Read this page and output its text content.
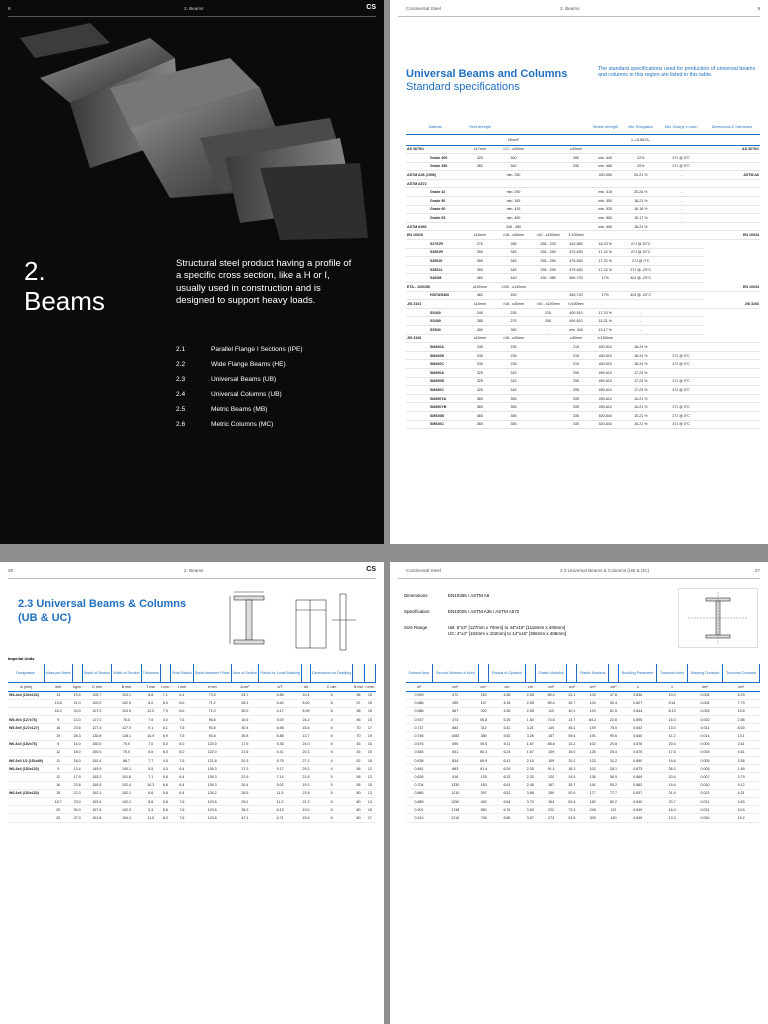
8	2. Beams	CS
2.
Beams
Structural steel product having a profile of a specific cross section, like a H or I, usually used in construction and is designed to support heavy loads.
2.1	Parallel Flange I Sections (IPE)
2.2	Wide Flange Beams (HE)
2.3	Universal Beams (UB)
2.4	Universal Columns (UB)
2.5	Metric Beams (MB)
2.6	Metric Columns (MC)
Continental Steel	2. Beams	9
Universal Beams and Columns
Standard specifications
The standard specifications used for production of universal beams and columns in this region are listed in this table.
Material	Yield strength				Tensile strength	Min. Elongation	Min. Charpy V-notch	Dimensions & Tolerances
		N/mm²				L₀=5.65√S₀		
AS 3679/1	≤17mm	>17 - ≤40mm		≥40mm				AS 3679/1
Grade 300	320	300		280	min. 440	22%	27J @ 0°C	
Grade 350	360	340		330	min. 480	20%	27J @ 0°C	
ASTM A36 (1996)		min. 250			400-550	20-21 %	-	ASTM A6
ASTM A572								
Grade 42		min. 290			min. 415	20-24 %	-	
Grade 50		min. 345			min. 450	18-21 %	-	
Grade 60		min. 415			min. 520	16-18 %	-	
Grade 65		min. 450			min. 550	15-17 %	-	
ASTM A992		345 - 450			min. 450	18-21 %		
EN 10025	≤16mm	>16 - ≤40mm	>40 - ≤150mm	3-100mm				EN 10034
S275JR	275	265	255 - 225	410-560	18-23 %	27J @ 20°C		
S355JR	355	345	335 - 295	470-630	17-22 %	27J @ 20°C		
S355J0	355	345	335 - 295	470-630	17-22 %	27J @ 0°C		
S355J2	355	345	335 - 295	470-630	17-22 %	27J @ -20°C		
S460M	460	440	430 - 385	500-720	17%	40J @ -20°C		
ETA - 10/0156	≤100mm	>100 - ≤140mm						EN 10034
HISTAR460	460	450		540-720	17%	40J @ -20°C		
JIS 3101	≤16mm	>16 - ≤40mm	>40 - ≤100mm	t>100mm				JIS 3192
SS400	245	235	215	400-510	17-23 %	-		
SS490	285	275	255	490-610	15-21 %	-		
SS540	400	390	-	min. 540	13-17 %	-		
JIS 3106	≤16mm	>16 - ≤40mm		≥40mm	t>100mm			
SM400A	245	235		215	400-510	18-24 %		
SM400B	245	235		215	400-510	18-24 %	27J @ 0°C	
SM400C	245	235		215	400-510	18-24 %	47J @ 0°C	
SM490A	325	315		295	490-610	17-23 %		
SM490B	325	315		295	490-610	17-23 %	27J @ 0°C	
SM490C	325	315		295	490-610	17-23 %	47J @ 0°C	
SM490YA	365	355		335	490-610	15-21 %		
SM490YB	365	355		335	490-610	15-21 %	27J @ 0°C	
SM520B	365	355		335	520-640	15-21 %	27J @ 0°C	
SM520C	365	355		335	520-640	15-21 %	47J @ 0°C	
26	2. Beams	CS
2.3 Universal Beams & Columns (UB & UC)
Imperial Units
Designation	Mass per Metre		Depth of Section	Width of Section	Thickness		Root Radius	Depth between Fillets	Area of Section	Ratios for Local Buckling		Dimensions for Detailing		
in (mm)	lb/ft	kg/m	D mm	B mm	T mm	t mm	r mm	d mm	A cm²	b/T	d/t	C mm	N mm	n mm
W4-4x4 (102x102)	13	19.4	105.7	103.1	8.8	7.1	6.4	73.5	24.7	5.86	10.4	6	56	15
	13.8	21.0	102.0	102.0	8.0	6.0	6.0	71.2	26.1	5.40	8.90	6	57	15
	16.3	24.0	107.0	103.0	12.0	7.9	6.0	71.0	30.9	4.17	8.99	6	58	15
W5-5x3 (127x76)	9	13.0	127.0	76.0	7.6	4.0	7.6	96.6	16.5	5.00	24.2	4	46	15
W5-5x5 (127x127)	16	23.6	127.3	127.0	9.1	6.1	7.6	93.8	30.4	6.98	15.4	5	70	17
	19	28.3	130.8	128.1	10.9	6.9	7.6	93.8	35.8	5.88	13.7	5	70	19
W6-6x3 (152x76)	9	14.0	150.0	75.0	7.0	5.0	8.0	120.0	17.9	5.36	24.0	5	45	15
	12	18.0	150.0	75.0	8.5	6.0	8.0	122.0	21.6	4.41	20.3	5	45	15
W6-6x3 1/2 (152x89)	11	16.0	152.4	88.7	7.7	4.5	7.6	121.8	20.3	5.75	27.1	4	52	15
W6-6x4 (152x102)	9	13.4	149.9	100.1	5.5	4.3	6.4	126.3	17.3	9.17	29.2	4	56	12
	12	17.9	153.2	101.6	7.1	5.8	6.4	126.3	22.9	7.14	21.8	5	58	13
	16	23.8	159.5	102.4	10.3	6.6	6.4	126.3	30.4	5.02	19.2	5	58	15
W6-6x6 (152x152)	15	22.3	152.1	152.1	6.6	5.8	6.4	126.2	28.5	11.5	21.8	5	80	13
	15.7	23.0	152.4	152.2	6.8	5.8	7.6	123.6	29.2	11.2	21.3	5	80	13
	20	30.0	157.6	152.9	9.3	6.5	7.6	123.6	38.3	8.13	19.0	5	80	15
	25	37.0	161.8	154.4	11.5	8.0	7.6	123.6	47.1	6.71	15.5	6	80	17
Continental Steel	2.3 Universal Beams & Columns (UB & UC)	27
Dimensions	EN10365 / ASTM A6
Specification	EN10025 / ASTM A36 / ASTM A572
Size Range	UB: 5"x3" [127mm x 76mm] to 44"x16" [1118mm x 406mm]
UC: 4"x4" [102mm x 102mm] to 14"x16" [356mm x 406mm]
Surface Area	Second Moment of Area		Radius of Gyration		Elastic Modulus		Plastic Modulus		Buckling Parameter	Torsional Index	Warping Constant	Torsional Constant
m²	cm⁴	cm⁴	cm	cm	cm³	cm³	cm³	cm³	u	x	dm⁶	cm⁴
0.599	472	160	4.38	2.55	89.4	31.1	103	47.6	0.836	10.0	0.004	6.29
0.586	455	147	4.18	2.55	89.4	32.7	104	50.4	0.827	9.61	0.004	7.79
0.588	567	200	4.36	2.55	110	40.1	129	61.5	0.844	8.13	0.005	13.5
0.537	473	55.8	5.35	1.84	74.6	14.7	84.2	22.6	0.895	16.3	0.002	2.85
0.737	882	312	5.42	3.21	140	48.2	159	75.0	0.842	13.0	0.011	8.00
0.746	1082	380	5.52	3.25	167	59.4	191	90.6	0.845	11.2	0.014	13.1
0.576	690	49.5	6.11	1.67	88.8	13.2	102	20.8	0.876	20.4	0.003	2.61
0.584	841	60.3	6.24	1.67	109	16.0	126	25.4	0.875	17.6	0.003	4.61
0.638	834	89.9	6.41	2.10	109	20.2	123	31.2	0.890	19.6	0.005	3.55
0.681	683	91.4	6.29	2.30	91.1	18.3	102	28.1	0.873	26.2	0.005	1.69
0.626	916	125	6.33	2.33	120	24.5	136	38.0	0.869	20.4	0.007	3.79
0.704	1330	183	6.61	2.45	167	35.7	191	55.2	0.862	15.4	0.010	9.12
0.880	1210	397	6.51	3.68	159	52.9	177	77.7	0.837	21.4	0.021	4.21
0.889	1250	400	6.54	3.70	164	52.6	182	80.2	0.840	20.7	0.021	4.83
0.901	1748	560	6.76	3.83	222	73.3	248	112	0.849	16.0	0.031	10.5
0.913	2210	706	6.85	3.87	273	91.5	309	140	0.849	13.3	0.040	19.2
